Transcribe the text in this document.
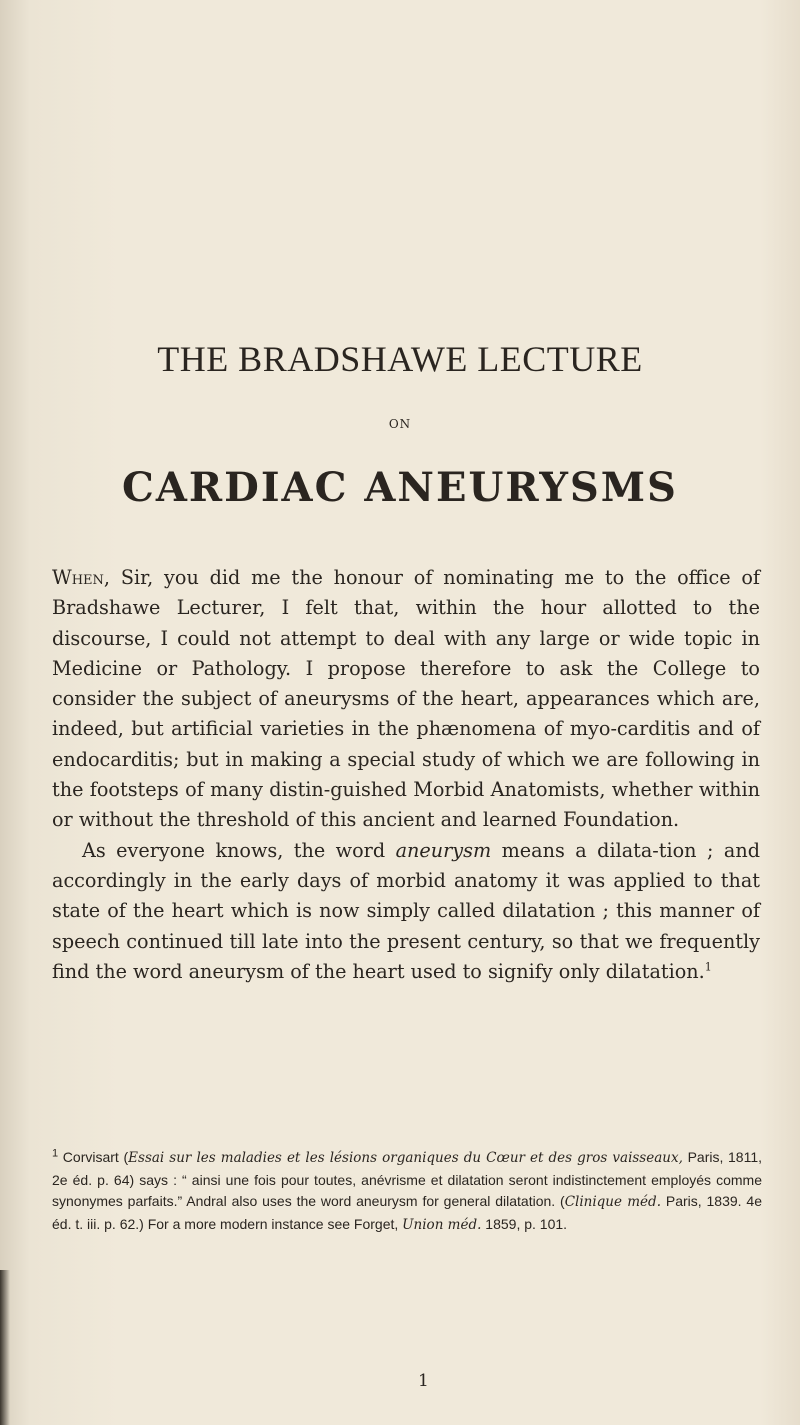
THE BRADSHAWE LECTURE
ON
CARDIAC ANEURYSMS

When, Sir, you did me the honour of nominating me to the office of Bradshawe Lecturer, I felt that, within the hour allotted to the discourse, I could not attempt to deal with any large or wide topic in Medicine or Pathology. I propose therefore to ask the College to consider the subject of aneurysms of the heart, appearances which are, indeed, but artificial varieties in the phænomena of myo-carditis and of endocarditis; but in making a special study of which we are following in the footsteps of many distin-guished Morbid Anatomists, whether within or without the threshold of this ancient and learned Foundation.

As everyone knows, the word aneurysm means a dilata-tion ; and accordingly in the early days of morbid anatomy it was applied to that state of the heart which is now simply called dilatation ; this manner of speech continued till late into the present century, so that we frequently find the word aneurysm of the heart used to signify only dilatation.$^1$

$^1$ Corvisart (Essai sur les maladies et les lésions organiques du Cœur et des gros vaisseaux, Paris, 1811, 2e éd. p. 64) says : “ ainsi une fois pour toutes, anévrisme et dilatation seront indistinctement employés comme synonymes parfaits.” Andral also uses the word aneurysm for general dilatation. (Clinique méd. Paris, 1839. 4e éd. t. iii. p. 62.) For a more modern instance see Forget, Union méd. 1859, p. 101.
1
